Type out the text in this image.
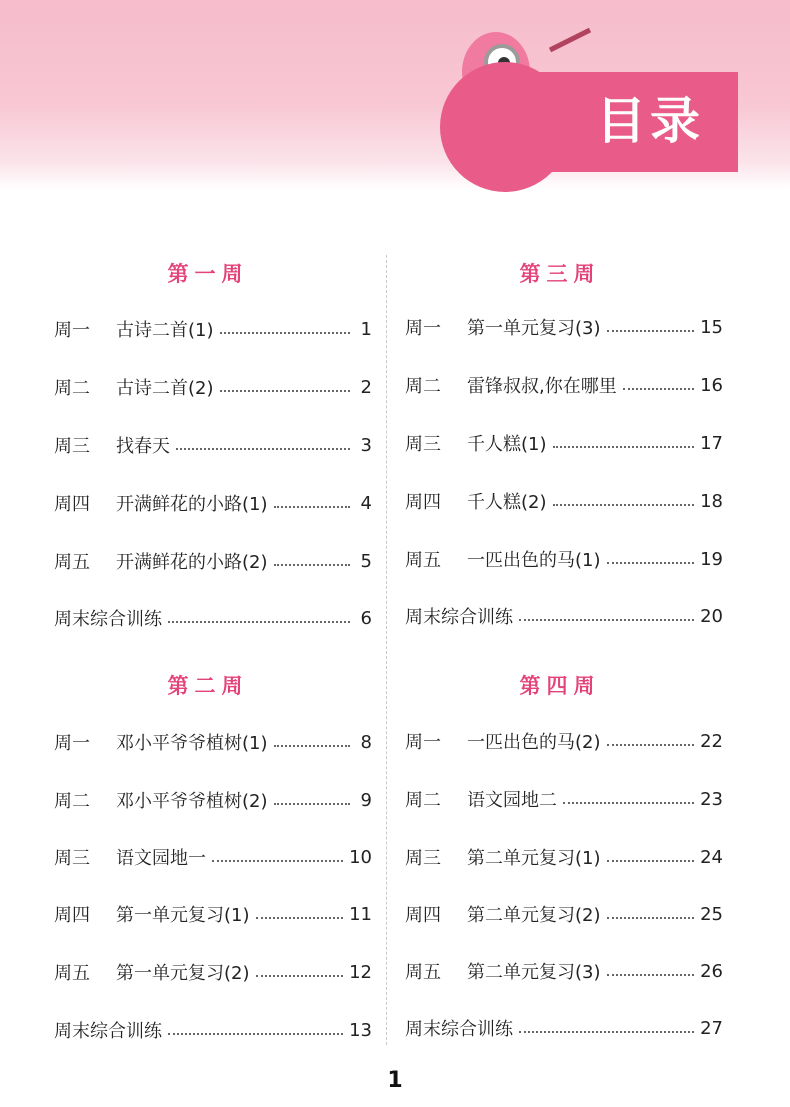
目录
第一周
周一	古诗二首(1)	1
周二	古诗二首(2)	2
周三	找春天	3
周四	开满鲜花的小路(1)	4
周五	开满鲜花的小路(2)	5
周末综合训练	6
第二周
周一	邓小平爷爷植树(1)	8
周二	邓小平爷爷植树(2)	9
周三	语文园地一	10
周四	第一单元复习(1)	11
周五	第一单元复习(2)	12
周末综合训练	13
第三周
周一	第一单元复习(3)	15
周二	雷锋叔叔,你在哪里	16
周三	千人糕(1)	17
周四	千人糕(2)	18
周五	一匹出色的马(1)	19
周末综合训练	20
第四周
周一	一匹出色的马(2)	22
周二	语文园地二	23
周三	第二单元复习(1)	24
周四	第二单元复习(2)	25
周五	第二单元复习(3)	26
周末综合训练	27
1
